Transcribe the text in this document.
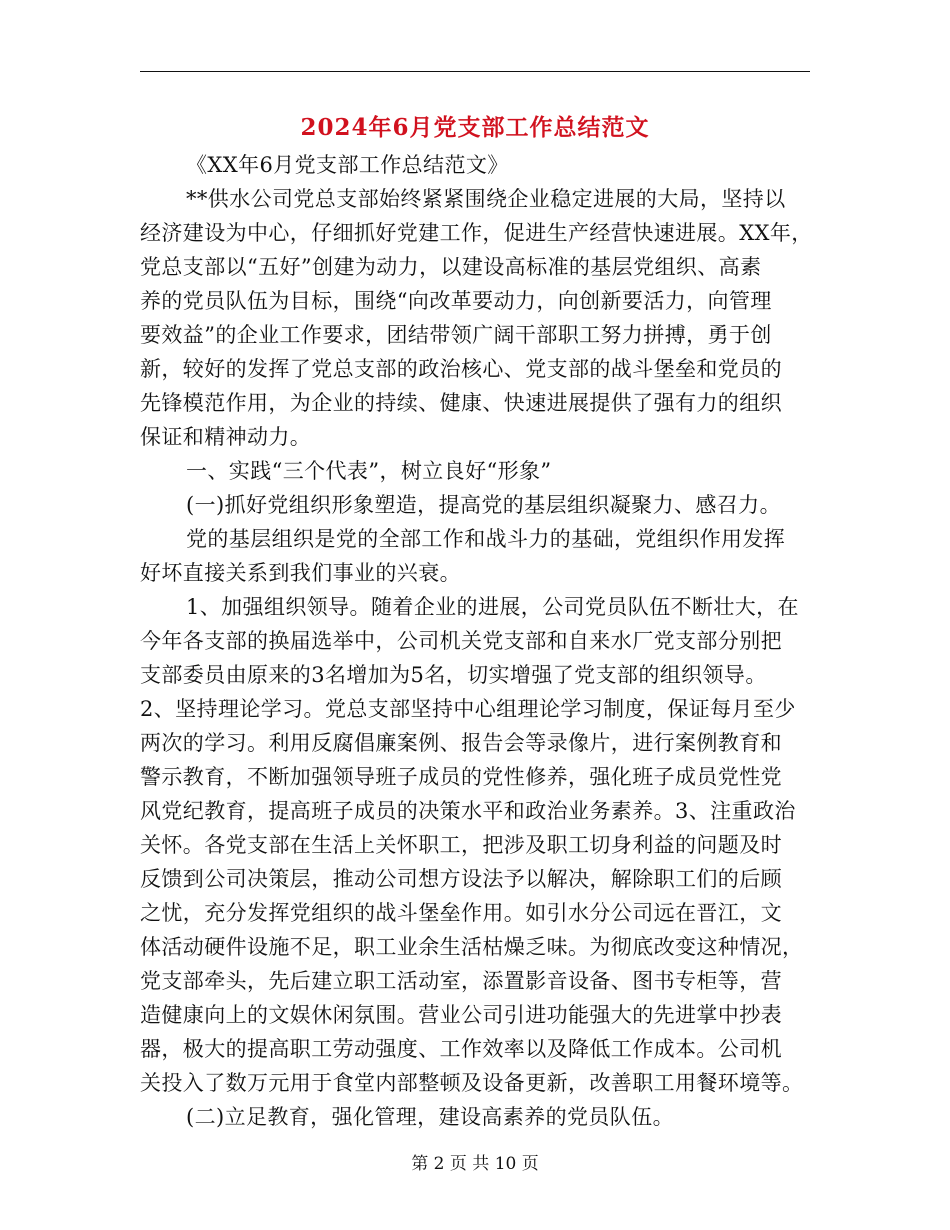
2024年6月党支部工作总结范文
《XX年6月党支部工作总结范文》
**供水公司党总支部始终紧紧围绕企业稳定进展的大局，坚持以
经济建设为中心，仔细抓好党建工作，促进生产经营快速进展。XX年，
党总支部以“五好”创建为动力，以建设高标准的基层党组织、高素
养的党员队伍为目标，围绕“向改革要动力，向创新要活力，向管理
要效益”的企业工作要求，团结带领广阔干部职工努力拼搏，勇于创
新，较好的发挥了党总支部的政治核心、党支部的战斗堡垒和党员的
先锋模范作用，为企业的持续、健康、快速进展提供了强有力的组织
保证和精神动力。
一、实践“三个代表”，树立良好“形象”
(一)抓好党组织形象塑造，提高党的基层组织凝聚力、感召力。
党的基层组织是党的全部工作和战斗力的基础，党组织作用发挥
好坏直接关系到我们事业的兴衰。
1、加强组织领导。随着企业的进展，公司党员队伍不断壮大，在
今年各支部的换届选举中，公司机关党支部和自来水厂党支部分别把
支部委员由原来的3名增加为5名，切实增强了党支部的组织领导。
2、坚持理论学习。党总支部坚持中心组理论学习制度，保证每月至少
两次的学习。利用反腐倡廉案例、报告会等录像片，进行案例教育和
警示教育，不断加强领导班子成员的党性修养，强化班子成员党性党
风党纪教育，提高班子成员的决策水平和政治业务素养。3、注重政治
关怀。各党支部在生活上关怀职工，把涉及职工切身利益的问题及时
反馈到公司决策层，推动公司想方设法予以解决，解除职工们的后顾
之忧，充分发挥党组织的战斗堡垒作用。如引水分公司远在晋江，文
体活动硬件设施不足，职工业余生活枯燥乏味。为彻底改变这种情况，
党支部牵头，先后建立职工活动室，添置影音设备、图书专柜等，营
造健康向上的文娱休闲氛围。营业公司引进功能强大的先进掌中抄表
器，极大的提高职工劳动强度、工作效率以及降低工作成本。公司机
关投入了数万元用于食堂内部整顿及设备更新，改善职工用餐环境等。
(二)立足教育，强化管理，建设高素养的党员队伍。
第 2 页 共 10 页
